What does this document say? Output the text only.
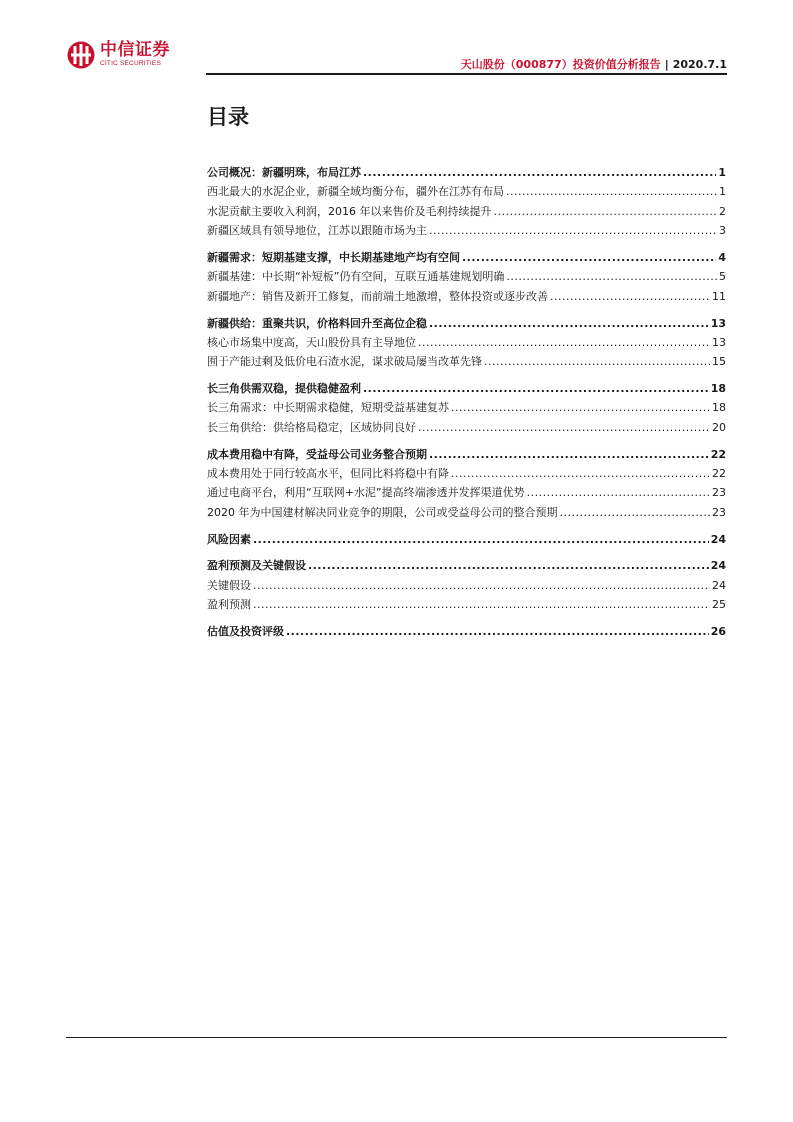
中信证券
CITIC SECURITIES	天山股份（000877）投资价值分析报告 | 2020.7.1
目录
公司概况：新疆明珠，布局江苏 .....	1
西北最大的水泥企业，新疆全域均衡分布，疆外在江苏有布局 .....	1
水泥贡献主要收入利润，2016 年以来售价及毛利持续提升 .....	2
新疆区域具有领导地位，江苏以跟随市场为主 .....	3
新疆需求：短期基建支撑，中长期基建地产均有空间 .....	4
新疆基建：中长期“补短板”仍有空间，互联互通基建规划明确 .....	5
新疆地产：销售及新开工修复，而前端土地激增，整体投资或逐步改善 .....	11
新疆供给：重聚共识，价格料回升至高位企稳 .....	13
核心市场集中度高，天山股份具有主导地位 .....	13
囿于产能过剩及低价电石渣水泥，谋求破局屡当改革先锋 .....	15
长三角供需双稳，提供稳健盈利 .....	18
长三角需求：中长期需求稳健，短期受益基建复苏 .....	18
长三角供给：供给格局稳定，区域协同良好 .....	20
成本费用稳中有降，受益母公司业务整合预期 .....	22
成本费用处于同行较高水平，但同比料将稳中有降 .....	22
通过电商平台，利用“互联网+水泥”提高终端渗透并发挥渠道优势 .....	23
2020 年为中国建材解决同业竞争的期限，公司或受益母公司的整合预期 .....	23
风险因素 .....	24
盈利预测及关键假设 .....	24
关键假设 .....	24
盈利预测 .....	25
估值及投资评级 .....	26
